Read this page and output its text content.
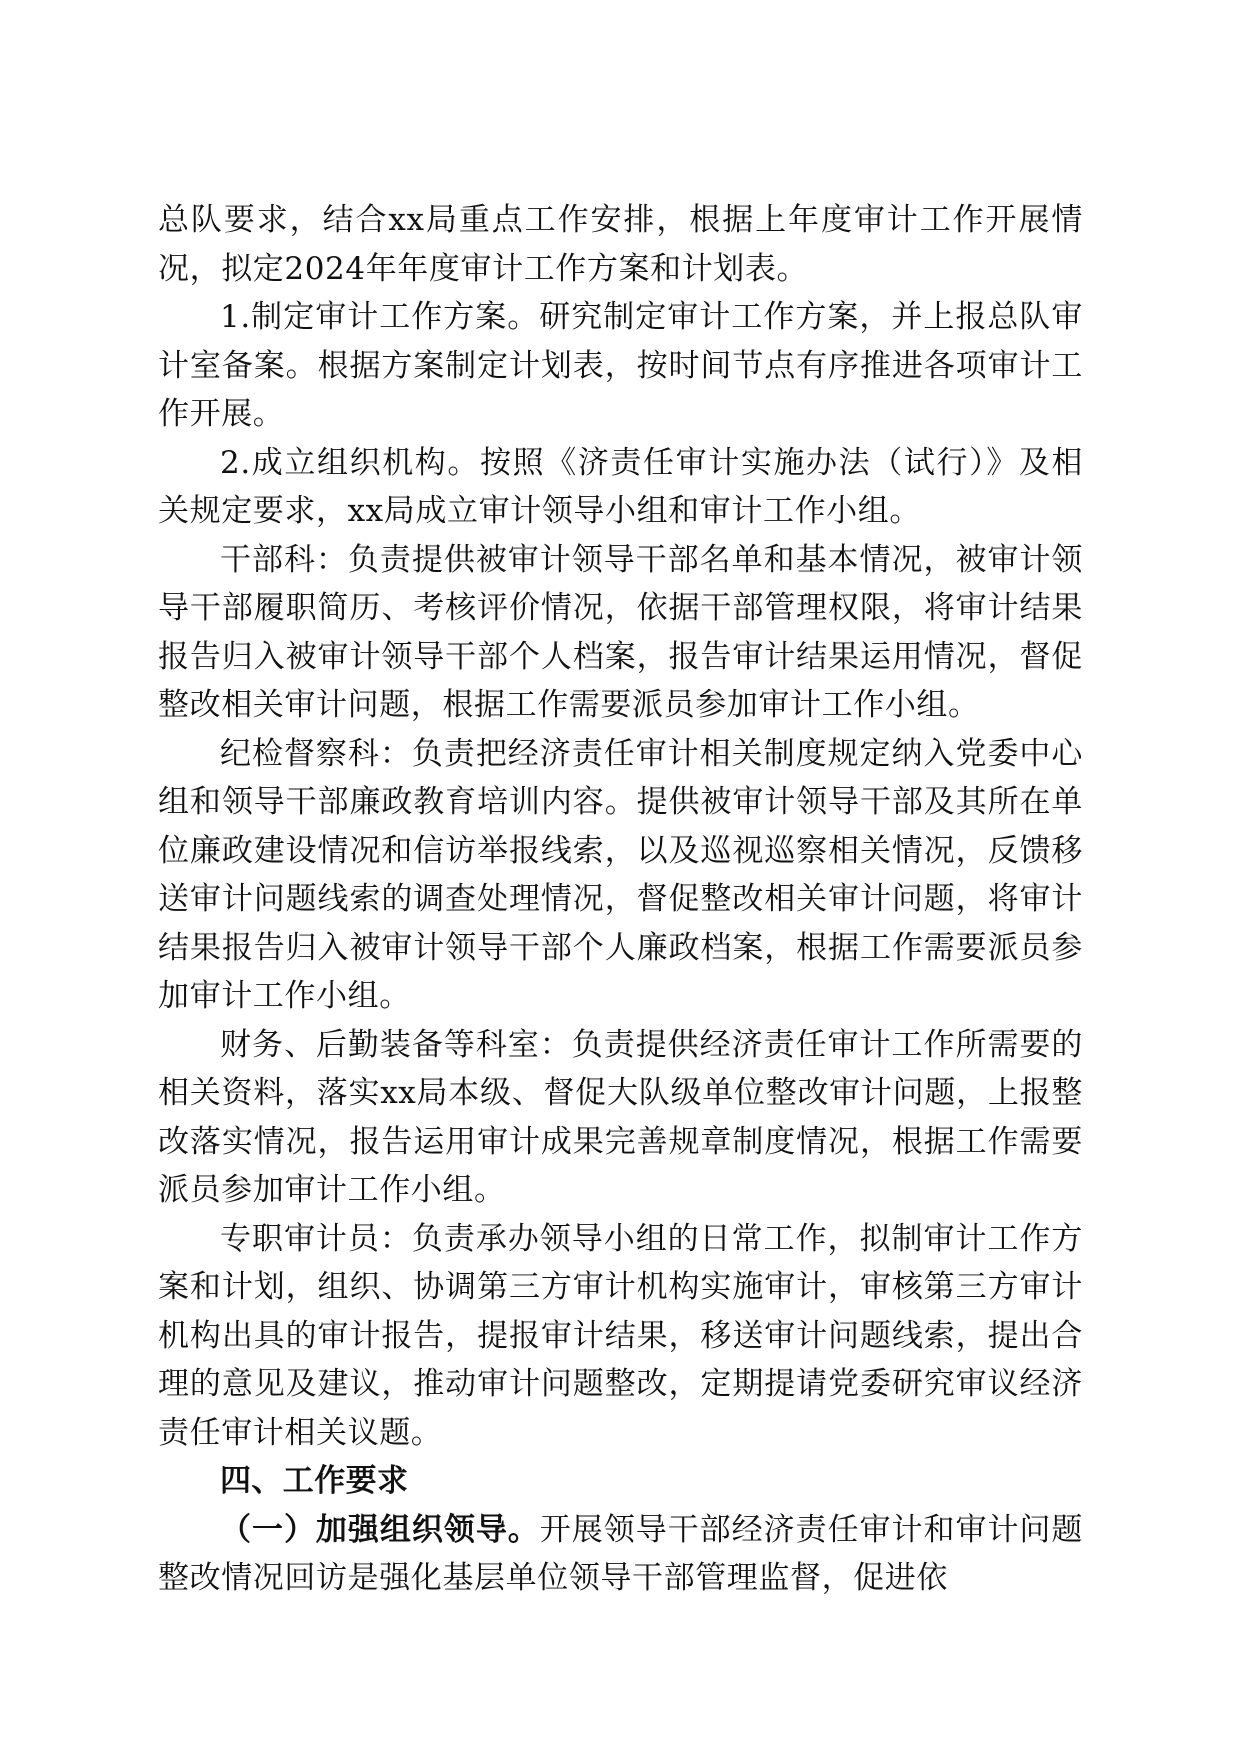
总队要求，结合xx局重点工作安排，根据上年度审计工作开展情况，拟定2024年年度审计工作方案和计划表。

1.制定审计工作方案。研究制定审计工作方案，并上报总队审计室备案。根据方案制定计划表，按时间节点有序推进各项审计工作开展。

2.成立组织机构。按照《济责任审计实施办法（试行）》及相关规定要求，xx局成立审计领导小组和审计工作小组。

干部科：负责提供被审计领导干部名单和基本情况，被审计领导干部履职简历、考核评价情况，依据干部管理权限，将审计结果报告归入被审计领导干部个人档案，报告审计结果运用情况，督促整改相关审计问题，根据工作需要派员参加审计工作小组。

纪检督察科：负责把经济责任审计相关制度规定纳入党委中心组和领导干部廉政教育培训内容。提供被审计领导干部及其所在单位廉政建设情况和信访举报线索，以及巡视巡察相关情况，反馈移送审计问题线索的调查处理情况，督促整改相关审计问题，将审计结果报告归入被审计领导干部个人廉政档案，根据工作需要派员参加审计工作小组。

财务、后勤装备等科室：负责提供经济责任审计工作所需要的相关资料，落实xx局本级、督促大队级单位整改审计问题，上报整改落实情况，报告运用审计成果完善规章制度情况，根据工作需要派员参加审计工作小组。

专职审计员：负责承办领导小组的日常工作，拟制审计工作方案和计划，组织、协调第三方审计机构实施审计，审核第三方审计机构出具的审计报告，提报审计结果，移送审计问题线索，提出合理的意见及建议，推动审计问题整改，定期提请党委研究审议经济责任审计相关议题。

四、工作要求

（一）加强组织领导。开展领导干部经济责任审计和审计问题整改情况回访是强化基层单位领导干部管理监督，促进依
